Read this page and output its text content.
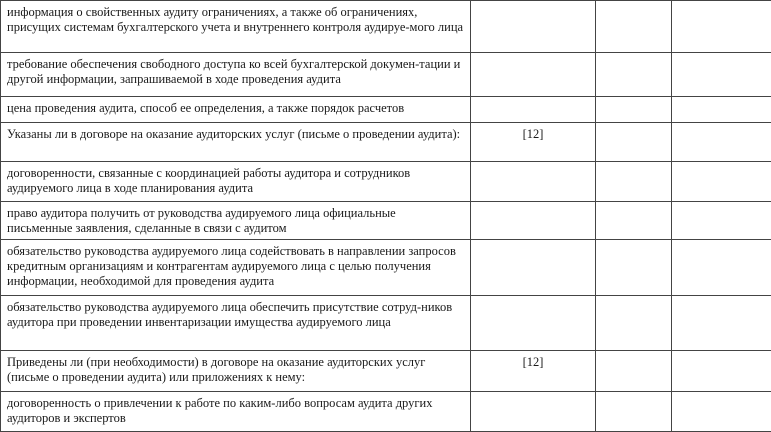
информация о свойственных аудиту ограничениях, а также об ограничениях, присущих системам бухгалтерского учета и внутреннего контроля аудируе-мого лица			
требование обеспечения свободного доступа ко всей бухгалтерской докумен-тации и другой информации, запрашиваемой в ходе проведения аудита			
цена проведения аудита, способ ее определения, а также порядок расчетов			
Указаны ли в договоре на оказание аудиторских услуг (письме о проведении аудита):	[12]		
договоренности, связанные с координацией работы аудитора и сотрудников аудируемого лица в ходе планирования аудита			
право аудитора получить от руководства аудируемого лица официальные письменные заявления, сделанные в связи с аудитом			
обязательство руководства аудируемого лица содействовать в направлении запросов кредитным организациям и контрагентам аудируемого лица с целью получения информации, необходимой для проведения аудита			
обязательство руководства аудируемого лица обеспечить присутствие сотруд-ников аудитора при проведении инвентаризации имущества аудируемого лица			
Приведены ли (при необходимости) в договоре на оказание аудиторских услуг (письме о проведении аудита) или приложениях к нему:	[12]		
договоренность о привлечении к работе по каким-либо вопросам аудита других аудиторов и экспертов			
